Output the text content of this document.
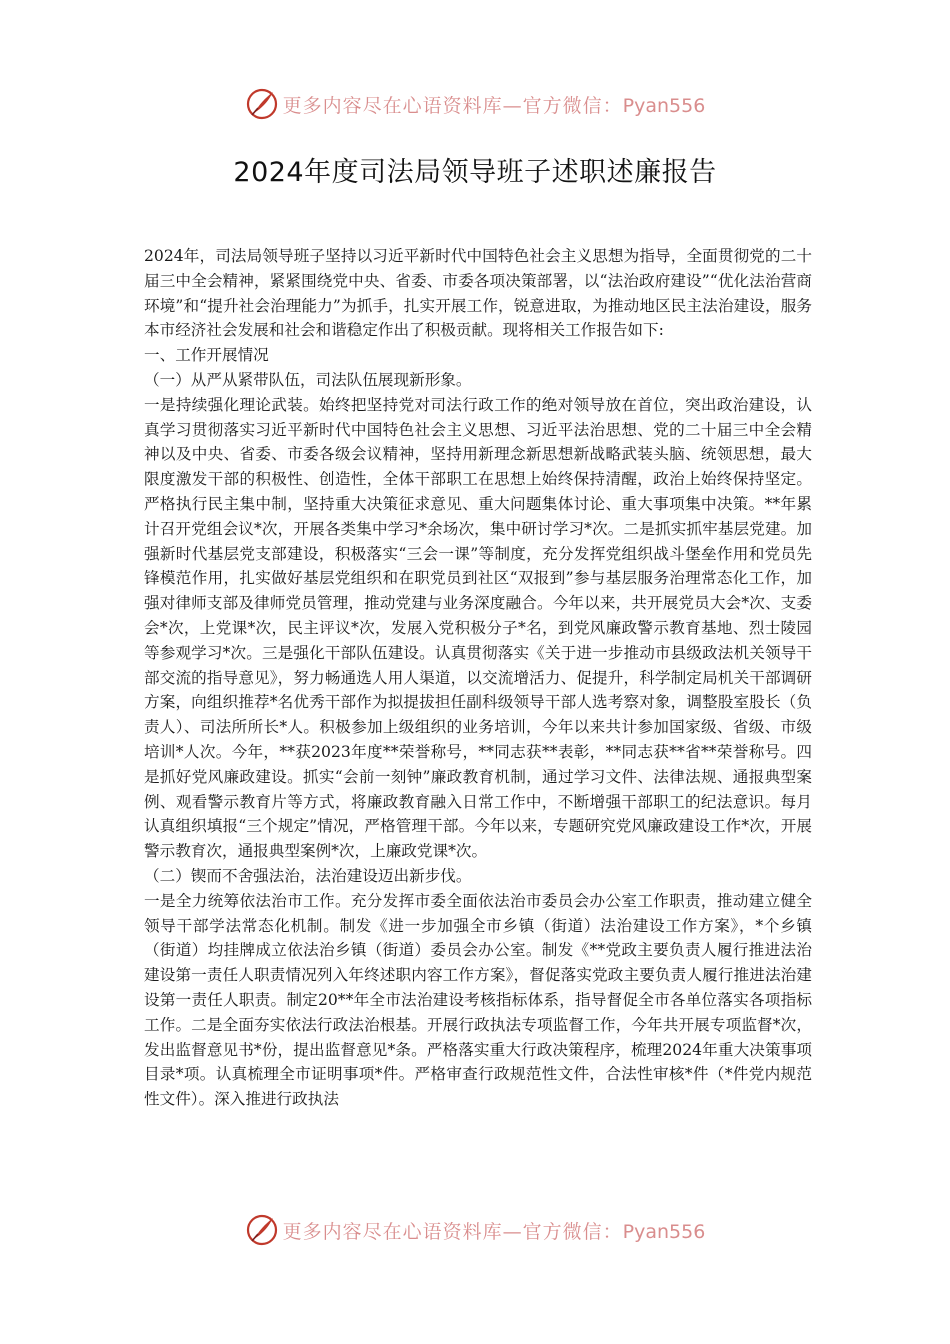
更多内容尽在心语资料库—官方微信：Pyan556
2024年度司法局领导班子述职述廉报告

2024年，司法局领导班子坚持以习近平新时代中国特色社会主义思想为指导，全面贯彻党的二十届三中全会精神，紧紧围绕党中央、省委、市委各项决策部署，以“法治政府建设”“优化法治营商环境”和“提升社会治理能力”为抓手，扎实开展工作，锐意进取，为推动地区民主法治建设，服务本市经济社会发展和社会和谐稳定作出了积极贡献。现将相关工作报告如下:

一、工作开展情况

（一）从严从紧带队伍，司法队伍展现新形象。

一是持续强化理论武装。始终把坚持党对司法行政工作的绝对领导放在首位，突出政治建设，认真学习贯彻落实习近平新时代中国特色社会主义思想、习近平法治思想、党的二十届三中全会精神以及中央、省委、市委各级会议精神，坚持用新理念新思想新战略武装头脑、统领思想，最大限度激发干部的积极性、创造性，全体干部职工在思想上始终保持清醒，政治上始终保持坚定。严格执行民主集中制，坚持重大决策征求意见、重大问题集体讨论、重大事项集中决策。**年累计召开党组会议*次，开展各类集中学习*余场次，集中研讨学习*次。二是抓实抓牢基层党建。加强新时代基层党支部建设，积极落实“三会一课”等制度，充分发挥党组织战斗堡垒作用和党员先锋模范作用，扎实做好基层党组织和在职党员到社区“双报到”参与基层服务治理常态化工作，加强对律师支部及律师党员管理，推动党建与业务深度融合。今年以来，共开展党员大会*次、支委会*次，上党课*次，民主评议*次，发展入党积极分子*名，到党风廉政警示教育基地、烈士陵园等参观学习*次。三是强化干部队伍建设。认真贯彻落实《关于进一步推动市县级政法机关领导干部交流的指导意见》，努力畅通选人用人渠道，以交流增活力、促提升，科学制定局机关干部调研方案，向组织推荐*名优秀干部作为拟提拔担任副科级领导干部人选考察对象，调整股室股长（负责人）、司法所所长*人。积极参加上级组织的业务培训，今年以来共计参加国家级、省级、市级培训*人次。今年，**获2023年度**荣誉称号，**同志获**表彰，**同志获**省**荣誉称号。四是抓好党风廉政建设。抓实“会前一刻钟”廉政教育机制，通过学习文件、法律法规、通报典型案例、观看警示教育片等方式，将廉政教育融入日常工作中，不断增强干部职工的纪法意识。每月认真组织填报“三个规定”情况，严格管理干部。今年以来，专题研究党风廉政建设工作*次，开展警示教育次，通报典型案例*次，上廉政党课*次。

（二）锲而不舍强法治，法治建设迈出新步伐。

一是全力统筹依法治市工作。充分发挥市委全面依法治市委员会办公室工作职责，推动建立健全领导干部学法常态化机制。制发《进一步加强全市乡镇（街道）法治建设工作方案》，*个乡镇（街道）均挂牌成立依法治乡镇（街道）委员会办公室。制发《**党政主要负责人履行推进法治建设第一责任人职责情况列入年终述职内容工作方案》，督促落实党政主要负责人履行推进法治建设第一责任人职责。制定20**年全市法治建设考核指标体系，指导督促全市各单位落实各项指标工作。二是全面夯实依法行政法治根基。开展行政执法专项监督工作，今年共开展专项监督*次，发出监督意见书*份，提出监督意见*条。严格落实重大行政决策程序，梳理2024年重大决策事项目录*项。认真梳理全市证明事项*件。严格审查行政规范性文件，合法性审核*件（*件党内规范性文件）。深入推进行政执法

更多内容尽在心语资料库—官方微信：Pyan556
